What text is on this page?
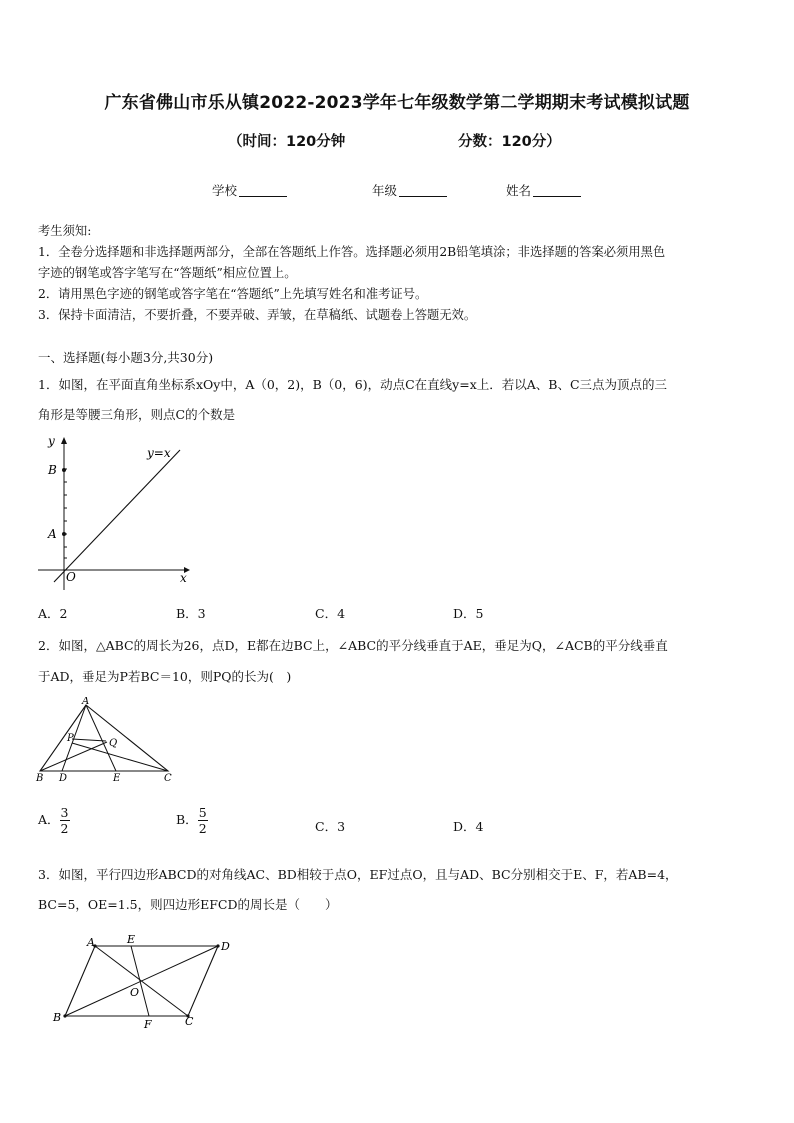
广东省佛山市乐从镇2022-2023学年七年级数学第二学期期末考试模拟试题
（时间：120分钟	分数：120分）
学校	年级	姓名
考生须知:
1．全卷分选择题和非选择题两部分，全部在答题纸上作答。选择题必须用2B铅笔填涂；非选择题的答案必须用黑色
字迹的钢笔或答字笔写在“答题纸”相应位置上。
2．请用黑色字迹的钢笔或答字笔在“答题纸”上先填写姓名和准考证号。
3．保持卡面清洁，不要折叠，不要弄破、弄皱，在草稿纸、试题卷上答题无效。
一、选择题(每小题3分,共30分)
1．如图，在平面直角坐标系xOy中，A（0，2)，B（0，6)，动点C在直线y=x上．若以A、B、C三点为顶点的三
角形是等腰三角形，则点C的个数是
y
x
O
B
A
y=x
A．2	B．3	C．4	D．5
2．如图，△ABC的周长为26，点D，E都在边BC上，∠ABC的平分线垂直于AE，垂足为Q，∠ACB的平分线垂直
于AD，垂足为P若BC＝10，则PQ的长为(　)
A
B D	E	C
P	Q
A． $\frac{3}{2}$	B． $\frac{5}{2}$	C．3	D．4
3．如图，平行四边形ABCD的对角线AC、BD相较于点O，EF过点O，且与AD、BC分别相交于E、F，若AB=4，
BC=5，OE=1.5，则四边形EFCD的周长是（　　）
A	E
D
B
F	C
O
